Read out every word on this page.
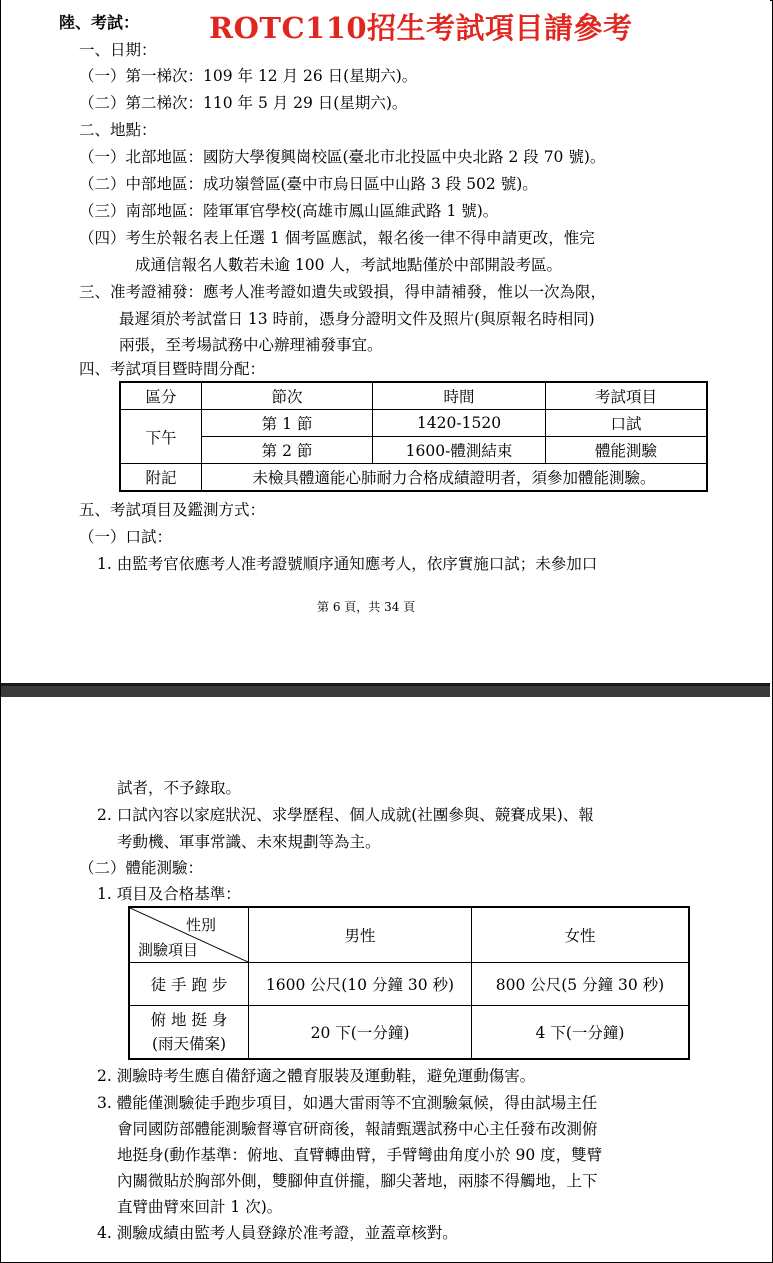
陸、考試： ROTC110招生考試項目請參考
一、日期：
（一）第一梯次：109 年 12 月 26 日(星期六)。
（二）第二梯次：110 年 5 月 29 日(星期六)。
二、地點：
（一）北部地區：國防大學復興崗校區(臺北市北投區中央北路 2 段 70 號)。
（二）中部地區：成功嶺營區(臺中市烏日區中山路 3 段 502 號)。
（三）南部地區：陸軍軍官學校(高雄市鳳山區維武路 1 號)。
（四）考生於報名表上任選 1 個考區應試，報名後一律不得申請更改，惟完
成通信報名人數若未逾 100 人，考試地點僅於中部開設考區。
三、准考證補發：應考人准考證如遺失或毀損，得申請補發，惟以一次為限，
最遲須於考試當日 13 時前，憑身分證明文件及照片(與原報名時相同)
兩張，至考場試務中心辦理補發事宜。
四、考試項目暨時間分配：
區分	節次	時間	考試項目
下午	第 1 節	1420-1520	口試
	第 2 節	1600-體測結束	體能測驗
附記	未檢具體適能心肺耐力合格成績證明者，須參加體能測驗。		
五、考試項目及鑑測方式：
（一）口試：
1. 由監考官依應考人准考證號順序通知應考人，依序實施口試；未參加口
第 6 頁，共 34 頁
試者，不予錄取。
2. 口試內容以家庭狀況、求學歷程、個人成就(社團參與、競賽成果)、報
考動機、軍事常識、未來規劃等為主。
（二）體能測驗：
1. 項目及合格基準：
性別
測驗項目	男性	女性
徒 手 跑 步	1600 公尺(10 分鐘 30 秒)	800 公尺(5 分鐘 30 秒)

俯 地 挺 身
(雨天備案)	20 下(一分鐘)	4 下(一分鐘)
2. 測驗時考生應自備舒適之體育服裝及運動鞋，避免運動傷害。
3. 體能僅測驗徒手跑步項目，如遇大雷雨等不宜測驗氣候，得由試場主任
會同國防部體能測驗督導官研商後，報請甄選試務中心主任發布改測俯
地挺身(動作基準：俯地、直臂轉曲臂，手臂彎曲角度小於 90 度，雙臂
內關微貼於胸部外側，雙腳伸直併攏，腳尖著地，兩膝不得觸地，上下
直臂曲臂來回計 1 次)。
4. 測驗成績由監考人員登錄於准考證，並蓋章核對。
